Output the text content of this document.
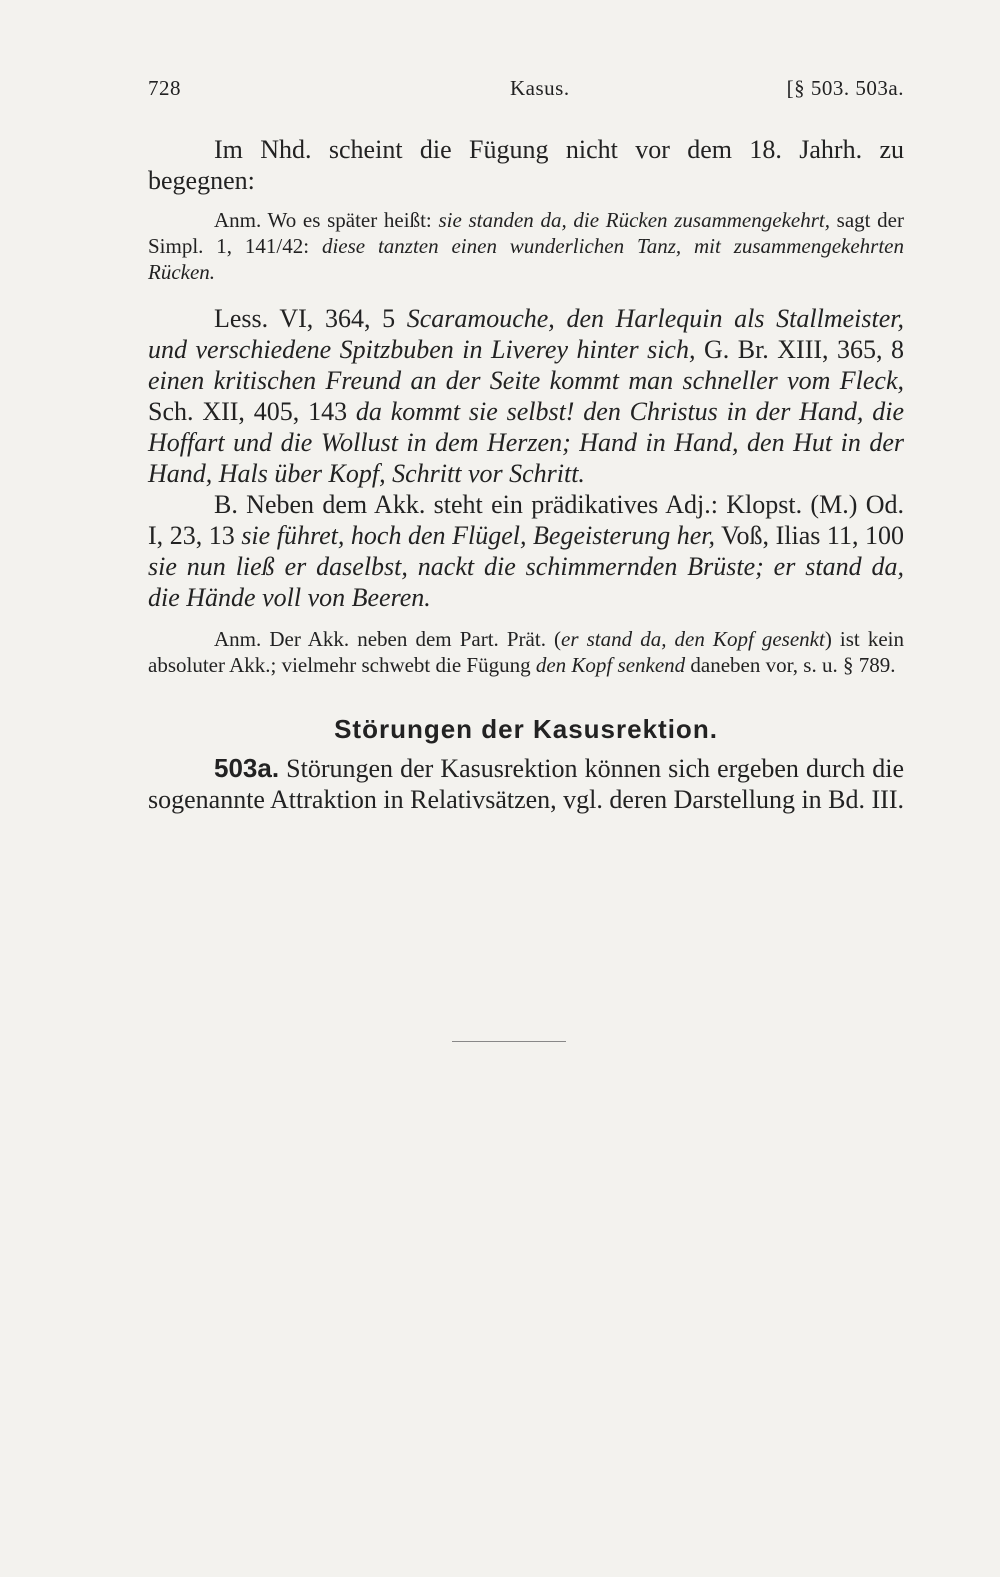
728	Kasus.	[§ 503. 503a.

Im Nhd. scheint die Fügung nicht vor dem 18. Jahrh. zu begegnen:

Anm. Wo es später heißt: sie standen da, die Rücken zusammengekehrt, sagt der Simpl. 1, 141/42: diese tanzten einen wunderlichen Tanz, mit zusammengekehrten Rücken.

Less. VI, 364, 5 Scaramouche, den Harlequin als Stallmeister, und verschiedene Spitzbuben in Liverey hinter sich, G. Br. XIII, 365, 8 einen kritischen Freund an der Seite kommt man schneller vom Fleck, Sch. XII, 405, 143 da kommt sie selbst! den Christus in der Hand, die Hoffart und die Wollust in dem Herzen; Hand in Hand, den Hut in der Hand, Hals über Kopf, Schritt vor Schritt.

B. Neben dem Akk. steht ein prädikatives Adj.: Klopst. (M.) Od. I, 23, 13 sie führet, hoch den Flügel, Begeisterung her, Voß, Ilias 11, 100 sie nun ließ er daselbst, nackt die schimmernden Brüste; er stand da, die Hände voll von Beeren.

Anm. Der Akk. neben dem Part. Prät. (er stand da, den Kopf gesenkt) ist kein absoluter Akk.; vielmehr schwebt die Fügung den Kopf senkend daneben vor, s. u. § 789.

Störungen der Kasusrektion.

503a. Störungen der Kasusrektion können sich ergeben durch die sogenannte Attraktion in Relativsätzen, vgl. deren Darstellung in Bd. III.
